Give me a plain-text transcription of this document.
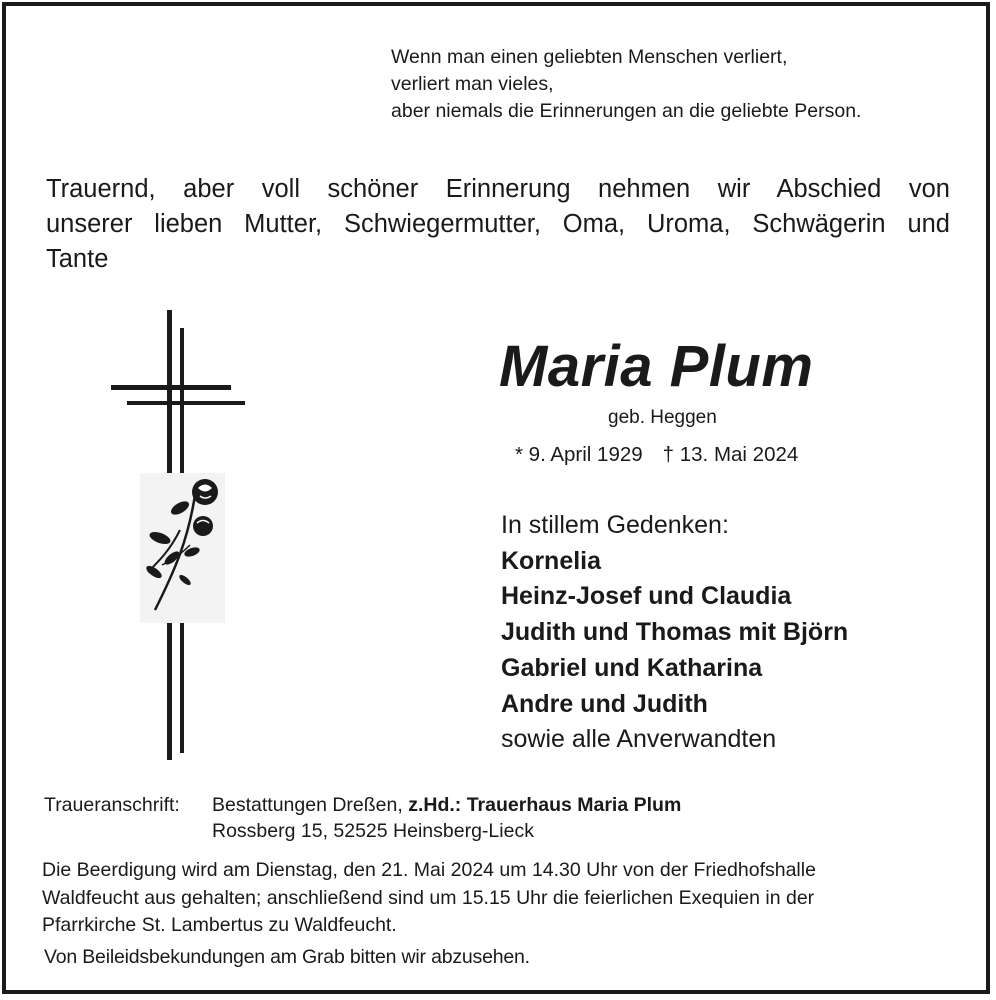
Wenn man einen geliebten Menschen verliert,
verliert man vieles,
aber niemals die Erinnerungen an die geliebte Person.
Trauernd, aber voll schöner Erinnerung nehmen wir Abschied von
unserer lieben Mutter, Schwiegermutter, Oma, Uroma, Schwägerin und
Tante
Maria Plum
geb. Heggen
* 9. April 1929 † 13. Mai 2024
In stillem Gedenken:
Kornelia
Heinz-Josef und Claudia
Judith und Thomas mit Björn
Gabriel und Katharina
Andre und Judith
sowie alle Anverwandten
Traueranschrift: Bestattungen Dreßen, z.Hd.: Trauerhaus Maria Plum
Rossberg 15, 52525 Heinsberg-Lieck
Die Beerdigung wird am Dienstag, den 21. Mai 2024 um 14.30 Uhr von der Friedhofshalle
Waldfeucht aus gehalten; anschließend sind um 15.15 Uhr die feierlichen Exequien in der
Pfarrkirche St. Lambertus zu Waldfeucht.
Von Beileidsbekundungen am Grab bitten wir abzusehen.
